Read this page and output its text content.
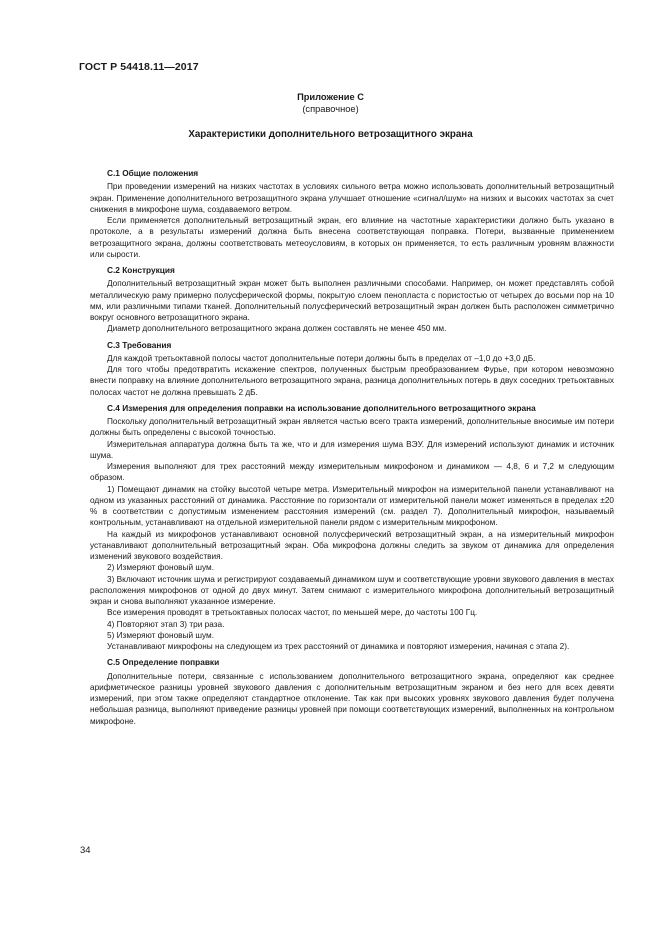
ГОСТ Р 54418.11—2017
Приложение С
(справочное)
Характеристики дополнительного ветрозащитного экрана
С.1 Общие положения

При проведении измерений на низких частотах в условиях сильного ветра можно использовать дополнительный ветрозащитный экран. Применение дополнительного ветрозащитного экрана улучшает отношение «сигнал/шум» на низких и высоких частотах за счет снижения в микрофоне шума, создаваемого ветром.

Если применяется дополнительный ветрозащитный экран, его влияние на частотные характеристики должно быть указано в протоколе, а в результаты измерений должна быть внесена соответствующая поправка. Потери, вызванные применением ветрозащитного экрана, должны соответствовать метеоусловиям, в которых он применяется, то есть различным уровням влажности или сырости.

С.2 Конструкция

Дополнительный ветрозащитный экран может быть выполнен различными способами. Например, он может представлять собой металлическую раму примерно полусферической формы, покрытую слоем пенопласта с пористостью от четырех до восьми пор на 10 мм, или различными типами тканей. Дополнительный полусферический ветрозащитный экран должен быть расположен симметрично вокруг основного ветрозащитного экрана.

Диаметр дополнительного ветрозащитного экрана должен составлять не менее 450 мм.

С.3 Требования

Для каждой третьоктавной полосы частот дополнительные потери должны быть в пределах от –1,0 до +3,0 дБ.

Для того чтобы предотвратить искажение спектров, полученных быстрым преобразованием Фурье, при котором невозможно внести поправку на влияние дополнительного ветрозащитного экрана, разница дополнительных потерь в двух соседних третьоктавных полосах частот не должна превышать 2 дБ.

С.4 Измерения для определения поправки на использование дополнительного ветрозащитного экрана

Поскольку дополнительный ветрозащитный экран является частью всего тракта измерений, дополнительные вносимые им потери должны быть определены с высокой точностью.

Измерительная аппаратура должна быть та же, что и для измерения шума ВЭУ. Для измерений используют динамик и источник шума.

Измерения выполняют для трех расстояний между измерительным микрофоном и динамиком — 4,8, 6 и 7,2 м следующим образом.

1) Помещают динамик на стойку высотой четыре метра. Измерительный микрофон на измерительной панели устанавливают на одном из указанных расстояний от динамика. Расстояние по горизонтали от измерительной панели может изменяться в пределах ±20 % в соответствии с допустимым изменением расстояния измерений (см. раздел 7). Дополнительный микрофон, называемый контрольным, устанавливают на отдельной измерительной панели рядом с измерительным микрофоном.

На каждый из микрофонов устанавливают основной полусферический ветрозащитный экран, а на измерительный микрофон устанавливают дополнительный ветрозащитный экран. Оба микрофона должны следить за звуком от динамика для определения изменений звукового воздействия.

2) Измеряют фоновый шум.

3) Включают источник шума и регистрируют создаваемый динамиком шум и соответствующие уровни звукового давления в местах расположения микрофонов от одной до двух минут. Затем снимают с измерительного микрофона дополнительный ветрозащитный экран и снова выполняют указанное измерение.

Все измерения проводят в третьоктавных полосах частот, по меньшей мере, до частоты 100 Гц.

4) Повторяют этап 3) три раза.

5) Измеряют фоновый шум.

Устанавливают микрофоны на следующем из трех расстояний от динамика и повторяют измерения, начиная с этапа 2).

С.5 Определение поправки

Дополнительные потери, связанные с использованием дополнительного ветрозащитного экрана, определяют как среднее арифметическое разницы уровней звукового давления с дополнительным ветрозащитным экраном и без него для всех девяти измерений, при этом также определяют стандартное отклонение. Так как при высоких уровнях звукового давления будет получена небольшая разница, выполняют приведение разницы уровней при помощи соответствующих измерений, выполненных на контрольном микрофоне.

34
